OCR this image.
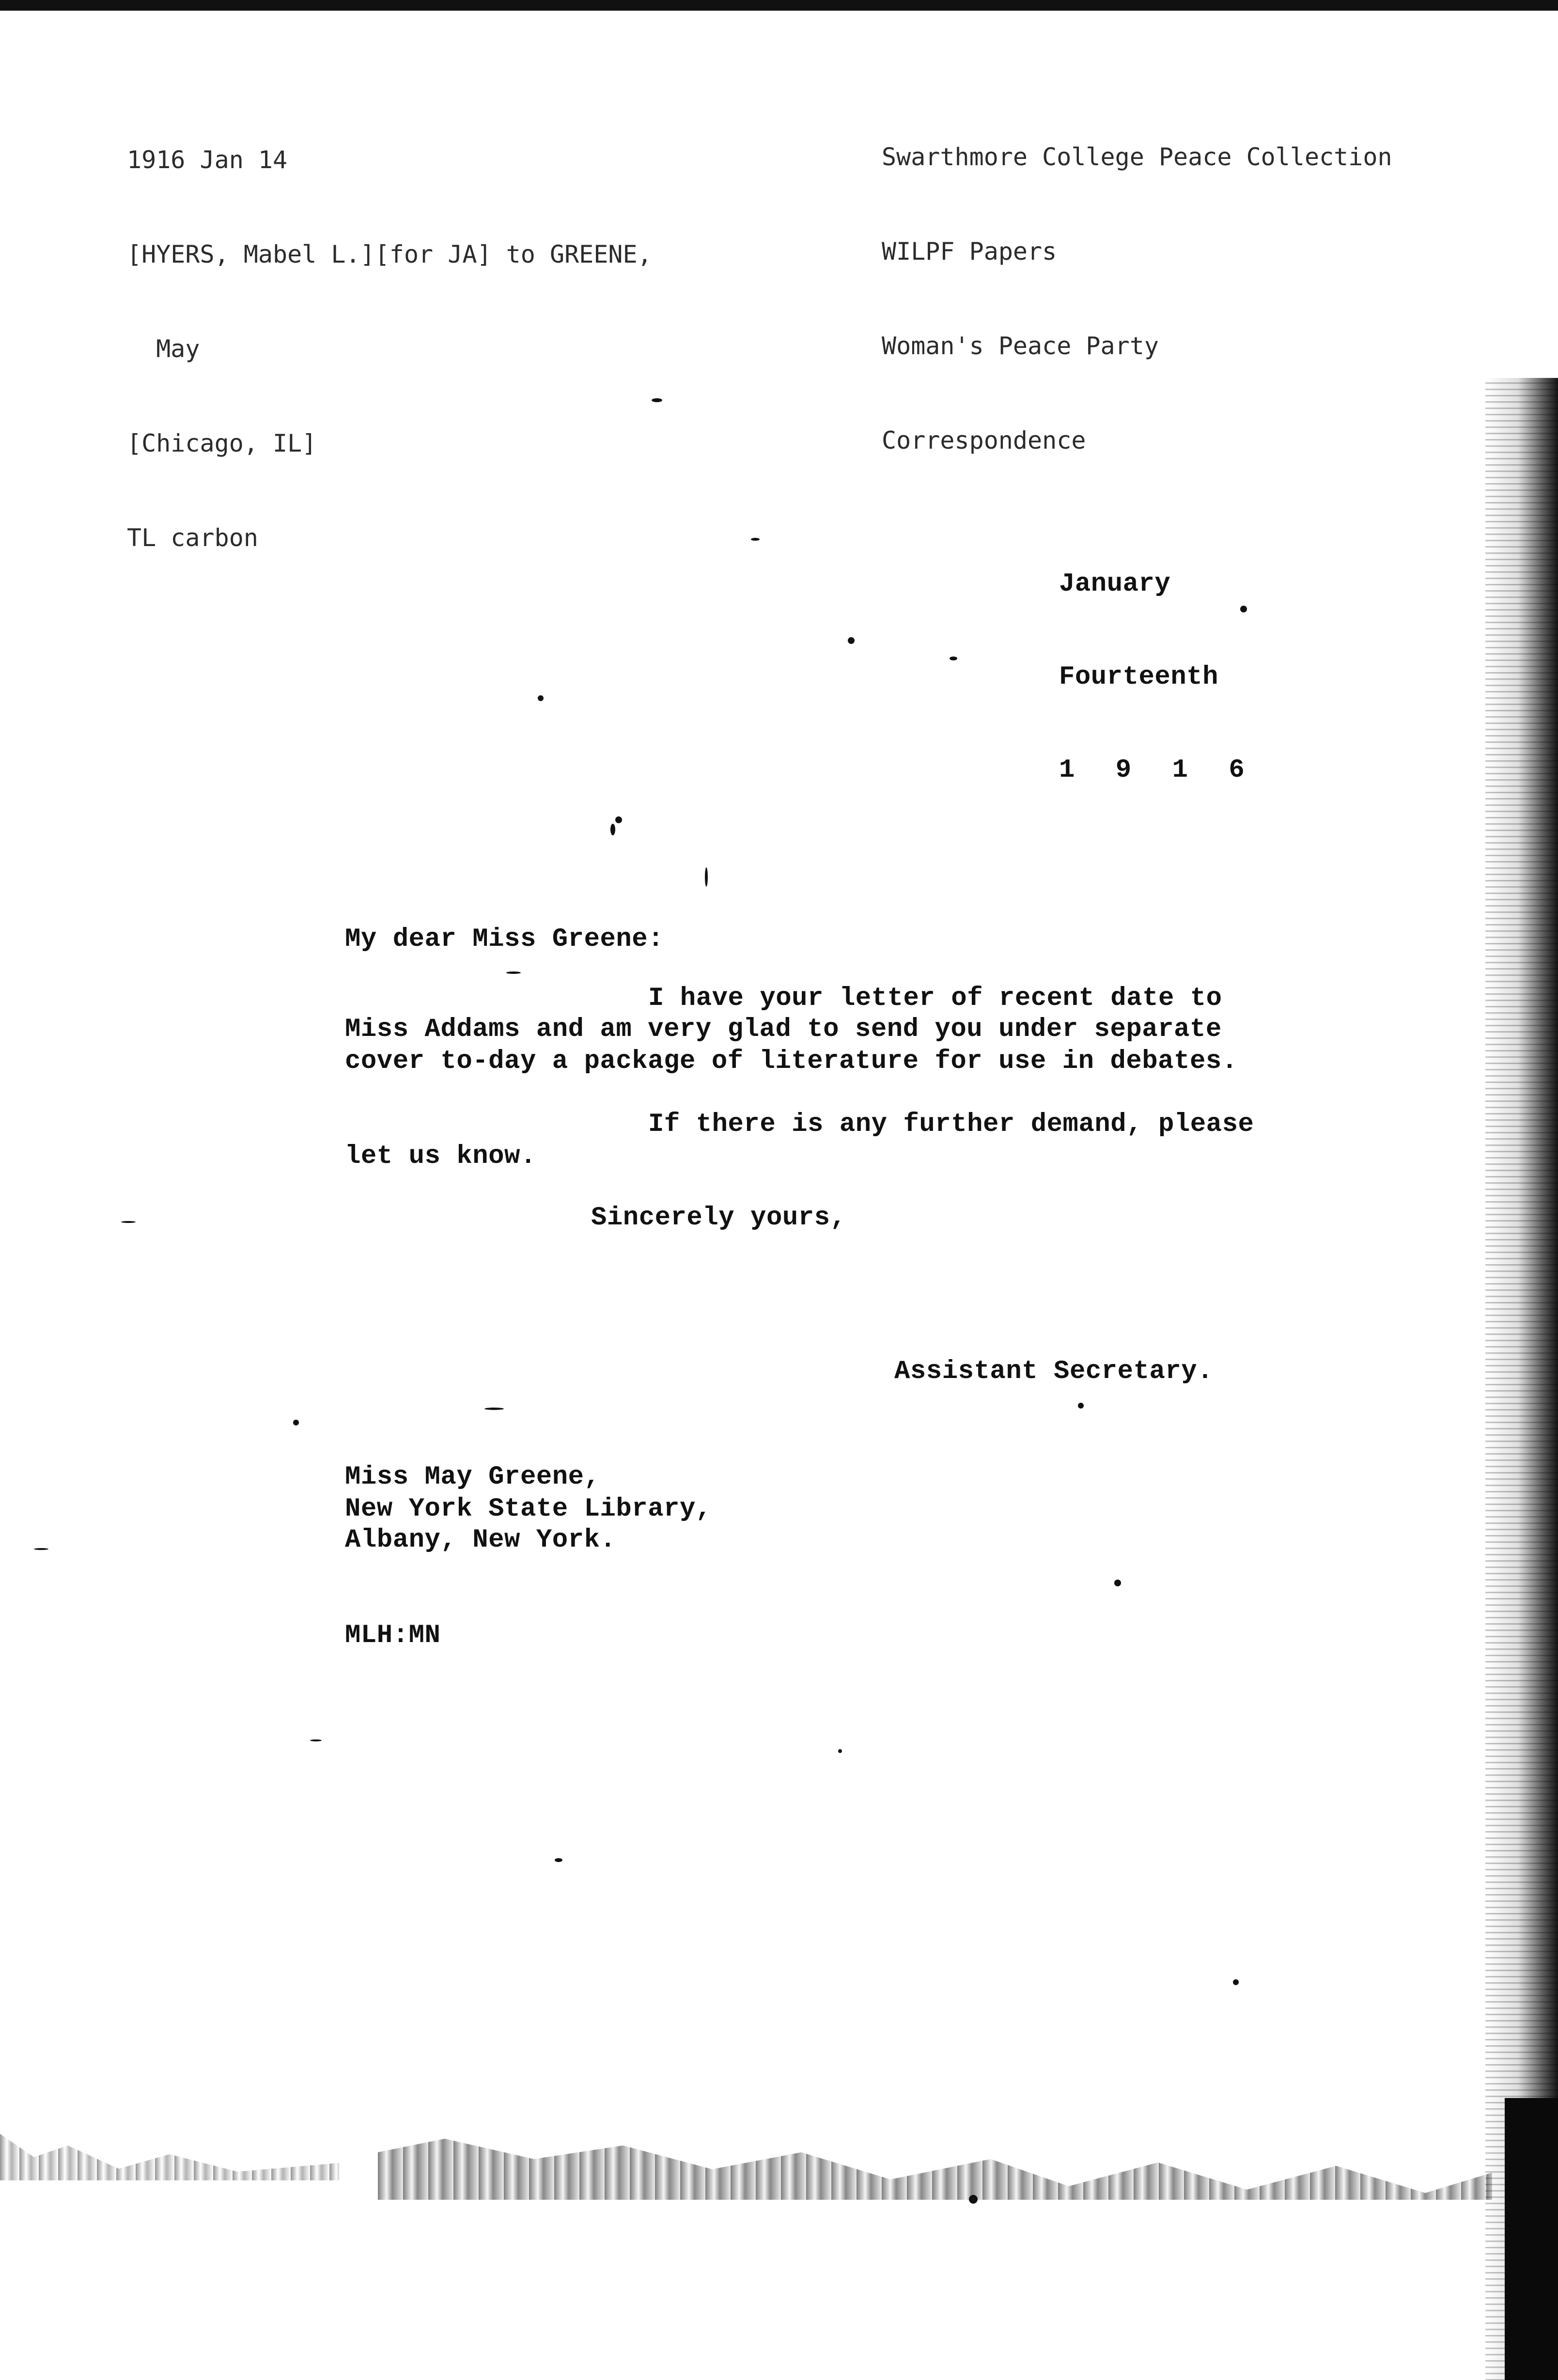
1916 Jan 14

[HYERS, Mabel L.][for JA] to GREENE,

May

[Chicago, IL]

TL carbon

Swarthmore College Peace Collection

WILPF Papers

Woman's Peace Party

Correspondence

January

Fourteenth

1 9 1 6

My dear Miss Greene:
I have your letter of recent date to
Miss Addams and am very glad to send you under separate
cover to-day a package of literature for use in debates.
If there is any further demand, please
let us know.
Sincerely yours,
Assistant Secretary.
Miss May Greene,
New York State Library,
Albany, New York.
MLH:MN
